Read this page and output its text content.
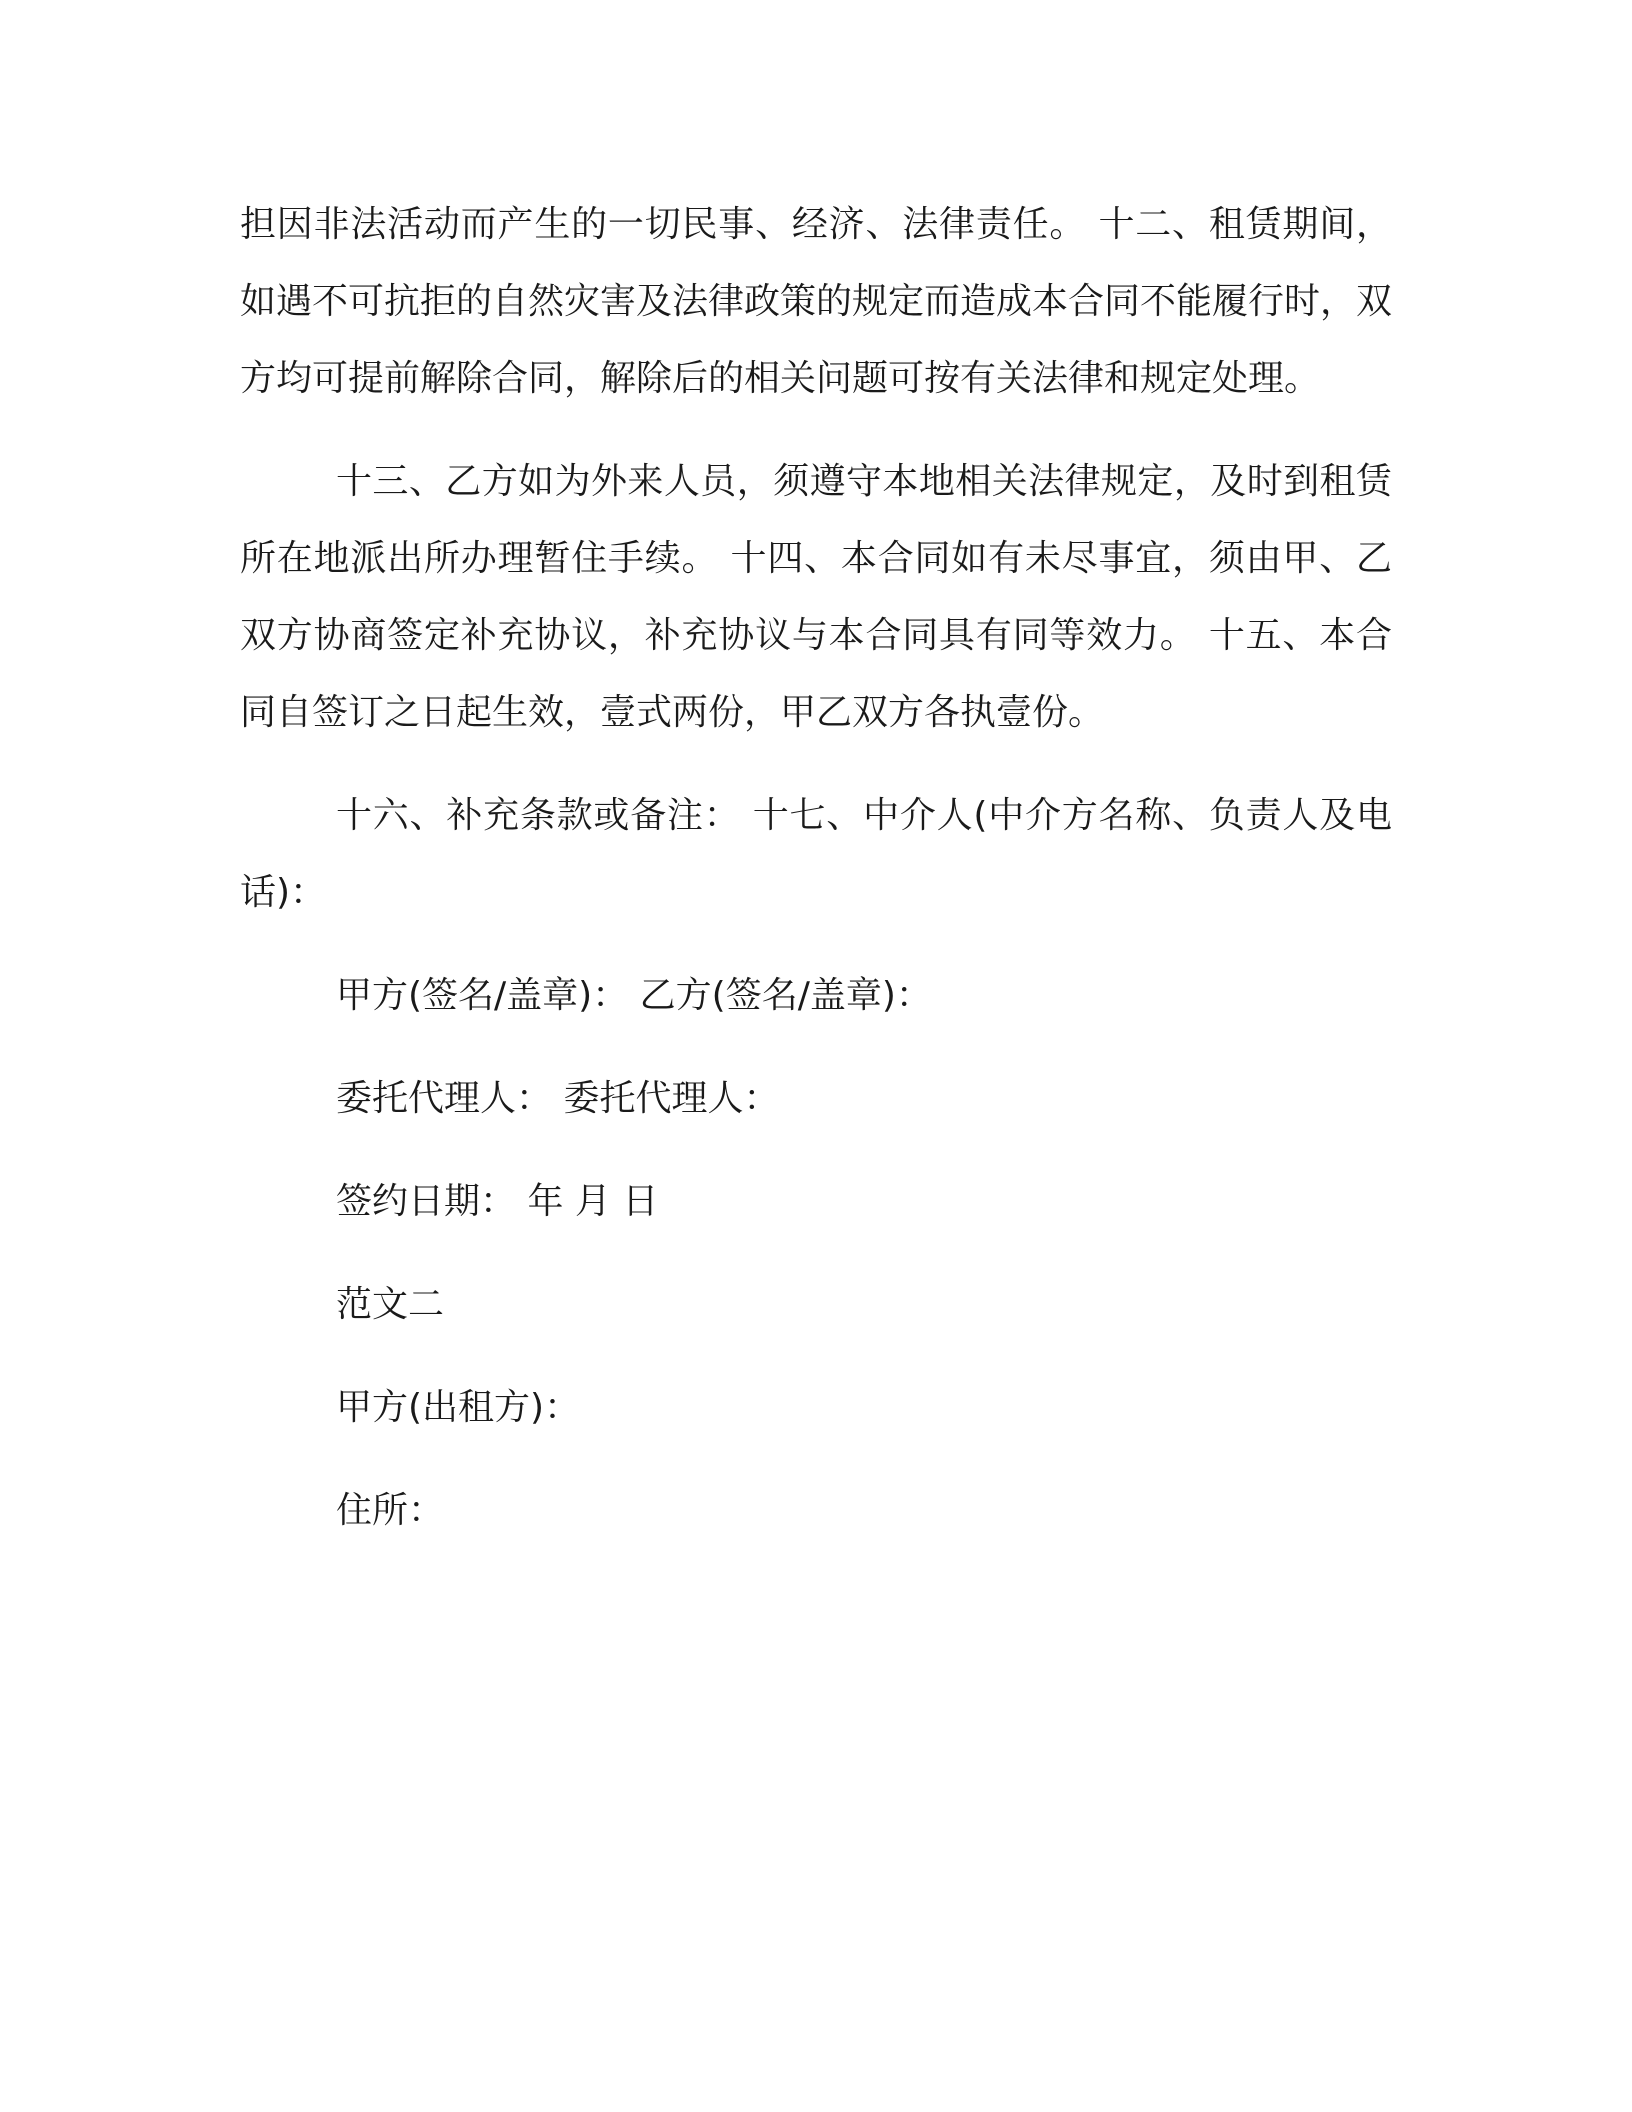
担因非法活动而产生的一切民事、经济、法律责任。 十二、租赁期间，如遇不可抗拒的自然灾害及法律政策的规定而造成本合同不能履行时，双方均可提前解除合同，解除后的相关问题可按有关法律和规定处理。

十三、乙方如为外来人员，须遵守本地相关法律规定，及时到租赁所在地派出所办理暂住手续。 十四、本合同如有未尽事宜，须由甲、乙双方协商签定补充协议，补充协议与本合同具有同等效力。 十五、本合同自签订之日起生效，壹式两份，甲乙双方各执壹份。

十六、补充条款或备注： 十七、中介人(中介方名称、负责人及电话)：

甲方(签名/盖章)： 乙方(签名/盖章)：

委托代理人： 委托代理人：

签约日期： 年 月 日

范文二

甲方(出租方)：

住所：
